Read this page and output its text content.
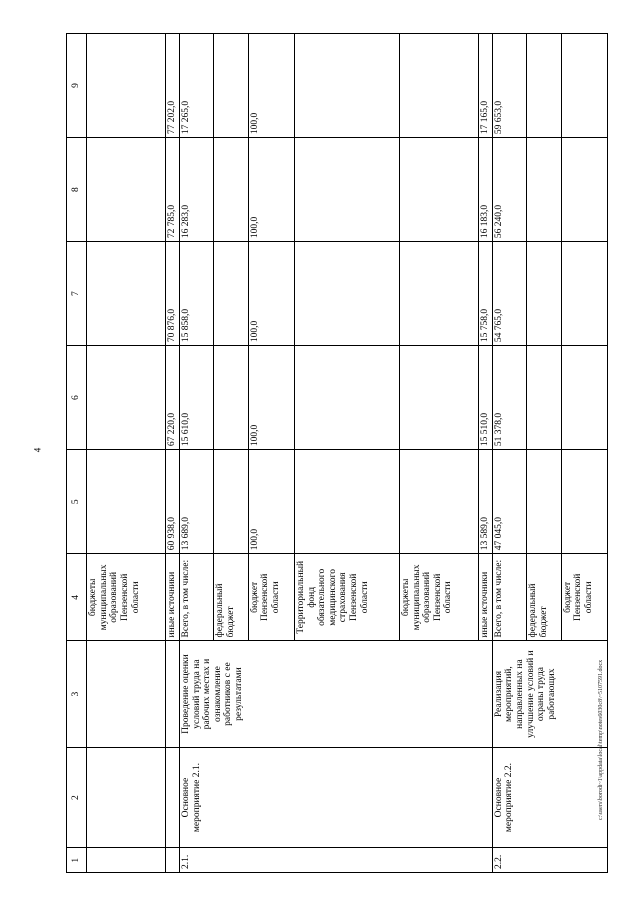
4
1	2	3	4	5	6	7	8	9
			бюджеты муниципальных образований Пензенской области					
			иные источники	60 938,0	67 220,0	70 876,0	72 785,0	77 202,0
2.1.	Основное мероприятие 2.1.	Проведение оценки условий труда на рабочих местах и ознакомление работников с ее результатами	Всего, в том числе:	13 689,0	15 610,0	15 858,0	16 283,0	17 265,0
			федеральный бюджет					
			бюджет Пензенской области	100,0	100,0	100,0	100,0	100,0
			Территориальный фонд обязательного медицинского страхования Пензенской области					
			бюджеты муниципальных образований Пензенской области					
			иные источники	13 589,0	15 510,0	15 758,0	16 183,0	17 165,0
2.2.	Основное мероприятие 2.2.	Реализация мероприятий, направленных на улучшение условий и охраны труда работающих	Всего, в том числе:	47 045,0	51 378,0	54 765,0	56 240,0	59 653,0
			федеральный бюджет					
			бюджет Пензенской области					
c:\users\borodi~1\appdata\local\temp\notes6030c8\~5107591.docx
